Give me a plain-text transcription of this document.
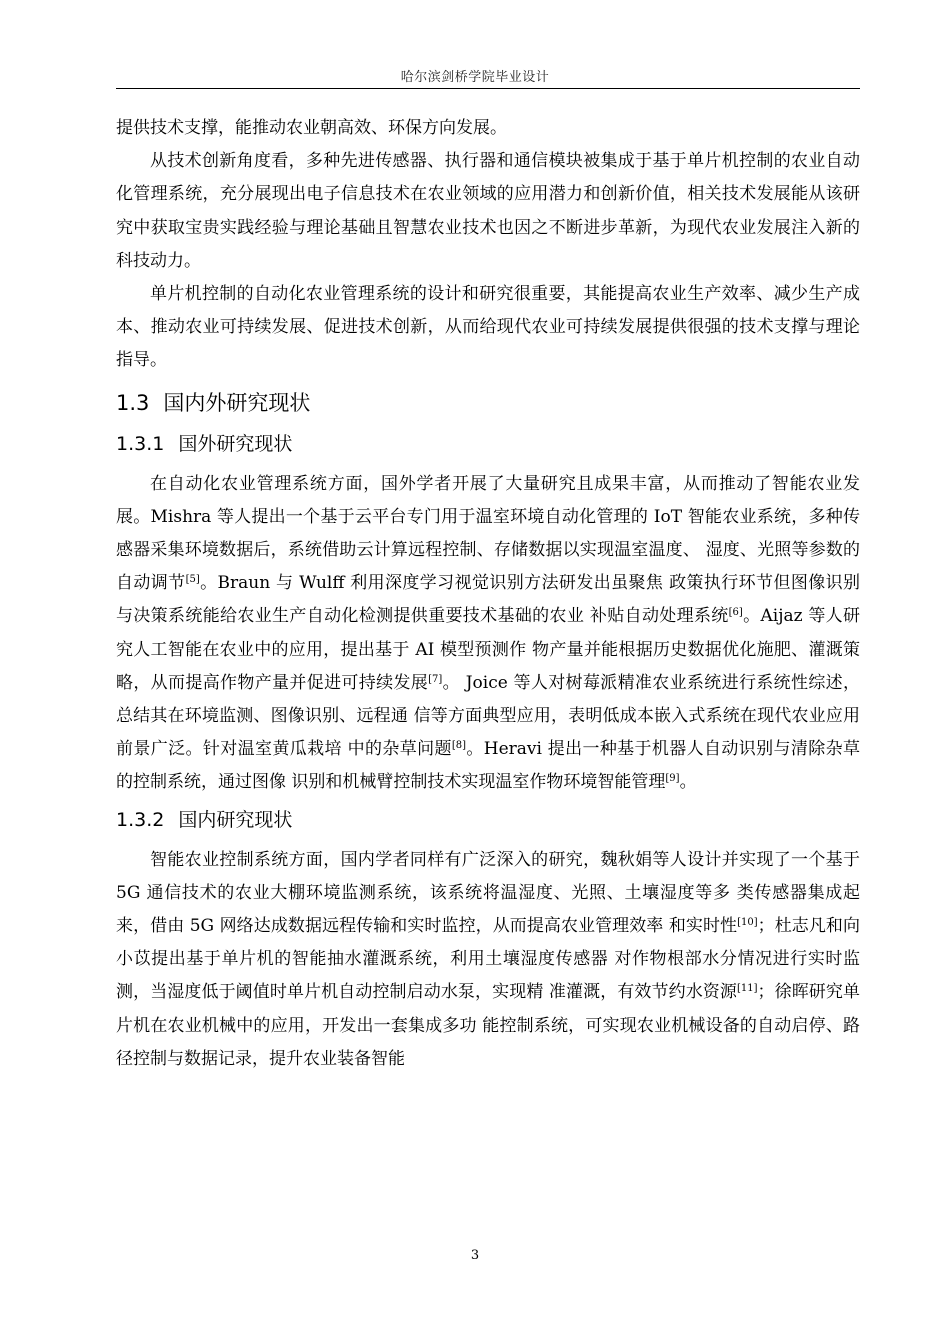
哈尔滨剑桥学院毕业设计

提供技术支撑，能推动农业朝高效、环保方向发展。

从技术创新角度看，多种先进传感器、执行器和通信模块被集成于基于单片机控制的农业自动化管理系统，充分展现出电子信息技术在农业领域的应用潜力和创新价值，相关技术发展能从该研究中获取宝贵实践经验与理论基础且智慧农业技术也因之不断进步革新，为现代农业发展注入新的科技动力。

单片机控制的自动化农业管理系统的设计和研究很重要，其能提高农业生产效率、减少生产成本、推动农业可持续发展、促进技术创新，从而给现代农业可持续发展提供很强的技术支撑与理论指导。

1.3 国内外研究现状
1.3.1 国外研究现状

在自动化农业管理系统方面，国外学者开展了大量研究且成果丰富，从而推动了智能农业发展。Mishra 等人提出一个基于云平台专门用于温室环境自动化管理的 IoT 智能农业系统，多种传感器采集环境数据后，系统借助云计算远程控制、存储数据以实现温室温度、 湿度、光照等参数的自动调节[5]。Braun 与 Wulff 利用深度学习视觉识别方法研发出虽聚焦 政策执行环节但图像识别与决策系统能给农业生产自动化检测提供重要技术基础的农业 补贴自动处理系统[6]。Aijaz 等人研究人工智能在农业中的应用，提出基于 AI 模型预测作 物产量并能根据历史数据优化施肥、灌溉策略，从而提高作物产量并促进可持续发展[7]。 Joice 等人对树莓派精准农业系统进行系统性综述，总结其在环境监测、图像识别、远程通 信等方面典型应用，表明低成本嵌入式系统在现代农业应用前景广泛。针对温室黄瓜栽培 中的杂草问题[8]。Heravi 提出一种基于机器人自动识别与清除杂草的控制系统，通过图像 识别和机械臂控制技术实现温室作物环境智能管理[9]。

1.3.2 国内研究现状

智能农业控制系统方面，国内学者同样有广泛深入的研究，魏秋娟等人设计并实现了一个基于 5G 通信技术的农业大棚环境监测系统，该系统将温湿度、光照、土壤湿度等多 类传感器集成起来，借由 5G 网络达成数据远程传输和实时监控，从而提高农业管理效率 和实时性[10]；杜志凡和向小苡提出基于单片机的智能抽水灌溉系统，利用土壤湿度传感器 对作物根部水分情况进行实时监测，当湿度低于阈值时单片机自动控制启动水泵，实现精 准灌溉，有效节约水资源[11]；徐晖研究单片机在农业机械中的应用，开发出一套集成多功 能控制系统，可实现农业机械设备的自动启停、路径控制与数据记录，提升农业装备智能

3
